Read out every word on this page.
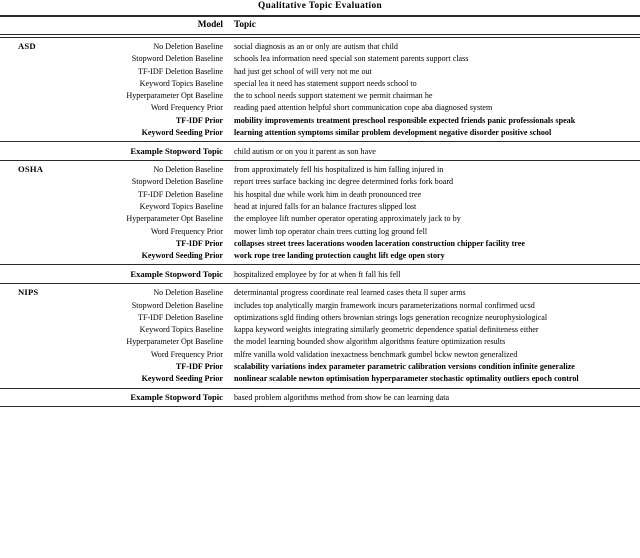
Qualitative Topic Evaluation

	Model	Topic

ASD	No Deletion Baseline	social diagnosis as an or only are autism that child
	Stopword Deletion Baseline	schools lea information need special son statement parents support class
	TF-IDF Deletion Baseline	had just get school of will very not me out
	Keyword Topics Baseline	special lea it need has statement support needs school to
	Hyperparameter Opt Baseline	the to school needs support statement we permit chairman he
	Word Frequency Prior	reading paed attention helpful short communication cope aba diagnosed system
	TF-IDF Prior	mobility improvements treatment preschool responsible expected friends panic professionals speak
	Keyword Seeding Prior	learning attention symptoms similar problem development negative disorder positive school

	Example Stopword Topic	child autism or on you it parent as son have

OSHA	No Deletion Baseline	from approximately fell his hospitalized is him falling injured in
	Stopword Deletion Baseline	report trees surface backing inc degree determined forks fork board
	TF-IDF Deletion Baseline	his hospital due while work him in death pronounced tree
	Keyword Topics Baseline	head at injured falls for an balance fractures slipped lost
	Hyperparameter Opt Baseline	the employee lift number operator operating approximately jack to by
	Word Frequency Prior	mower limb top operator chain trees cutting log ground fell
	TF-IDF Prior	collapses street trees lacerations wooden laceration construction chipper facility tree
	Keyword Seeding Prior	work rope tree landing protection caught lift edge open story

	Example Stopword Topic	hospitalized employee by for at when ft fall his fell

NIPS	No Deletion Baseline	determinantal progress coordinate real learned cases theta ll super arms
	Stopword Deletion Baseline	includes top analytically margin framework incurs parameterizations normal confirmed ucsd
	TF-IDF Deletion Baseline	optimizations sgld finding others brownian strings logs generation recognize neurophysiological
	Keyword Topics Baseline	kappa keyword weights integrating similarly geometric dependence spatial definiteness either
	Hyperparameter Opt Baseline	the model learning bounded show algorithm algorithms feature optimization results
	Word Frequency Prior	mlfre vanilla wold validation inexactness benchmark gumbel bckw newton generalized
	TF-IDF Prior	scalability variations index parameter parametric calibration versions condition infinite generalize
	Keyword Seeding Prior	nonlinear scalable newton optimisation hyperparameter stochastic optimality outliers epoch control

	Example Stopword Topic	based problem algorithms method from show be can learning data
